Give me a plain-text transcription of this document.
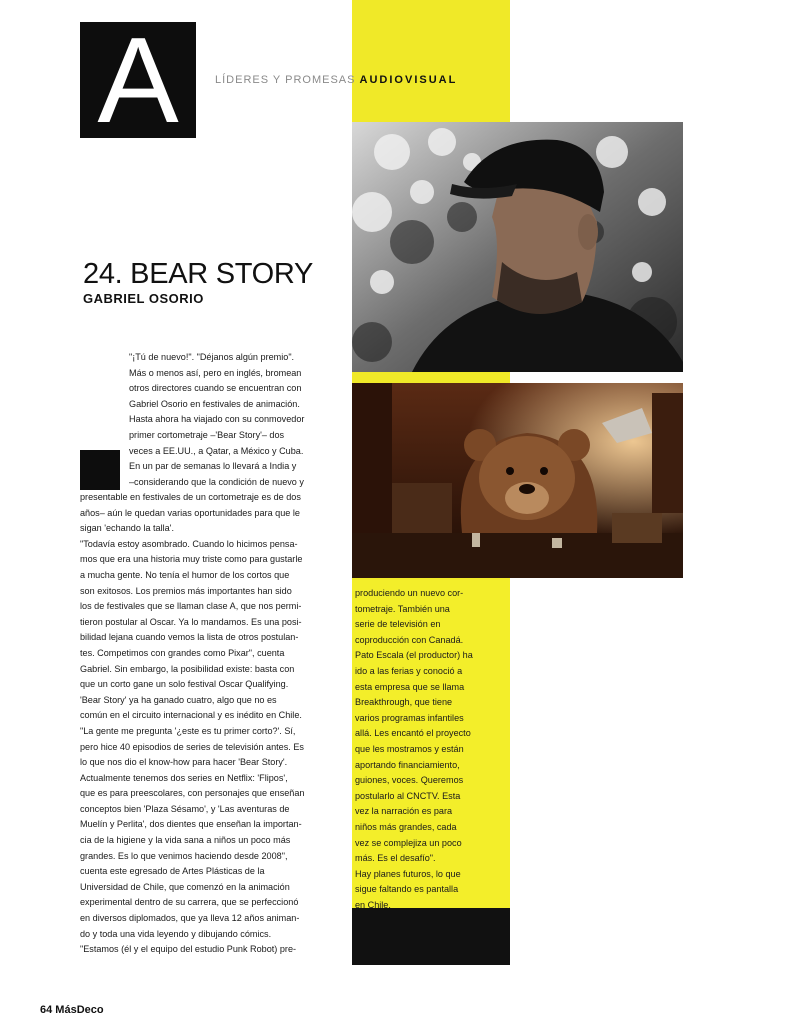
A	LÍDERES Y PROMESAS AUDIOVISUAL
24. BEAR STORY
GABRIEL OSORIO

"¡Tú de nuevo!". "Déjanos algún premio".

Más o menos así, pero en inglés, bromean

otros directores cuando se encuentran con

Gabriel Osorio en festivales de animación.

Hasta ahora ha viajado con su conmovedor

primer cortometraje –'Bear Story'– dos

veces a EE.UU., a Qatar, a México y Cuba.

En un par de semanas lo llevará a India y

–considerando que la condición de nuevo y

presentable en festivales de un cortometraje es de dos

años– aún le quedan varias oportunidades para que le

sigan 'echando la talla'.

"Todavía estoy asombrado. Cuando lo hicimos pensa-

mos que era una historia muy triste como para gustarle

a mucha gente. No tenía el humor de los cortos que

son exitosos. Los premios más importantes han sido

los de festivales que se llaman clase A, que nos permi-

tieron postular al Oscar. Ya lo mandamos. Es una posi-

bilidad lejana cuando vemos la lista de otros postulan-

tes. Competimos con grandes como Pixar", cuenta

Gabriel. Sin embargo, la posibilidad existe: basta con

que un corto gane un solo festival Oscar Qualifying.

'Bear Story' ya ha ganado cuatro, algo que no es

común en el circuito internacional y es inédito en Chile.

"La gente me pregunta '¿este es tu primer corto?'. Sí,

pero hice 40 episodios de series de televisión antes. Es

lo que nos dio el know-how para hacer 'Bear Story'.

Actualmente tenemos dos series en Netflix: 'Flipos',

que es para preescolares, con personajes que enseñan

conceptos bien 'Plaza Sésamo', y 'Las aventuras de

Muelín y Perlita', dos dientes que enseñan la importan-

cia de la higiene y la vida sana a niños un poco más

grandes. Es lo que venimos haciendo desde 2008",

cuenta este egresado de Artes Plásticas de la

Universidad de Chile, que comenzó en la animación

experimental dentro de su carrera, que se perfeccionó

en diversos diplomados, que ya lleva 12 años animan-

do y toda una vida leyendo y dibujando cómics.

"Estamos (él y el equipo del estudio Punk Robot) pre-

produciendo un nuevo cor-

tometraje. También una

serie de televisión en

coproducción con Canadá.

Pato Escala (el productor) ha

ido a las ferias y conoció a

esta empresa que se llama

Breakthrough, que tiene

varios programas infantiles

allá. Les encantó el proyecto

que les mostramos y están

aportando financiamiento,

guiones, voces. Queremos

postularlo al CNCTV. Esta

vez la narración es para

niños más grandes, cada

vez se complejiza un poco

más. Es el desafío".

Hay planes futuros, lo que

sigue faltando es pantalla

en Chile.

64 MásDeco
